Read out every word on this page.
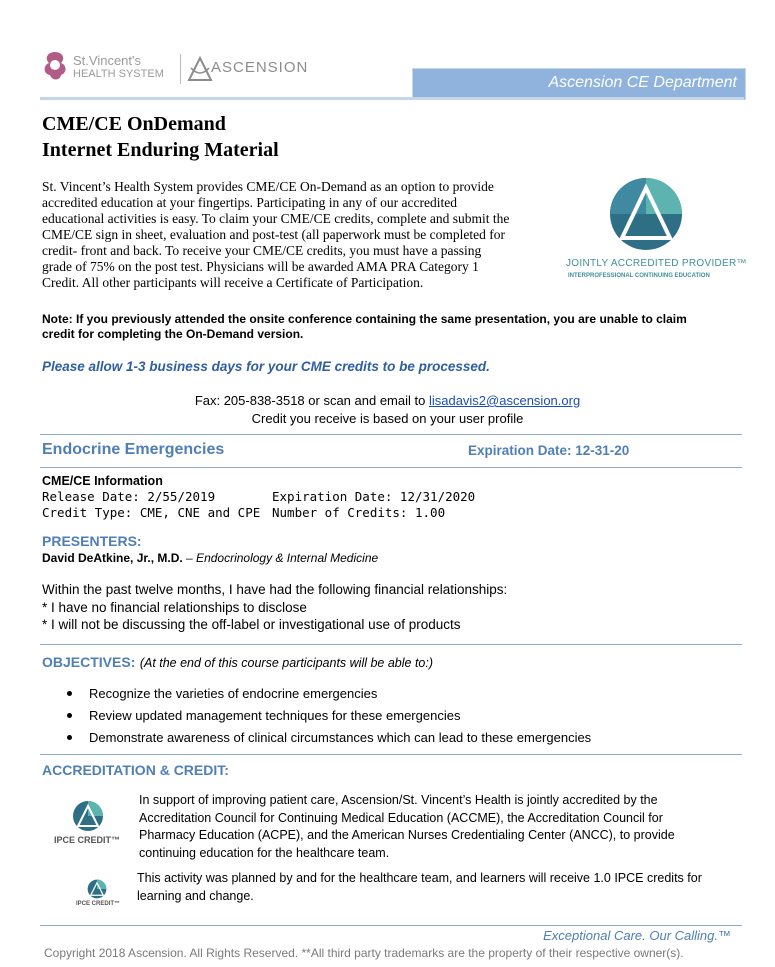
St.Vincent's
HEALTH SYSTEM	ASCENSION
Ascension CE Department
CME/CE OnDemand
Internet Enduring Material
St. Vincent’s Health System provides CME/CE On-Demand as an option to provide
accredited education at your fingertips. Participating in any of our accredited
educational activities is easy. To claim your CME/CE credits, complete and submit the
CME/CE sign in sheet, evaluation and post-test (all paperwork must be completed for
credit- front and back. To receive your CME/CE credits, you must have a passing
grade of 75% on the post test. Physicians will be awarded AMA PRA Category 1
Credit. All other participants will receive a Certificate of Participation.
JOINTLY ACCREDITED PROVIDER™
INTERPROFESSIONAL CONTINUING EDUCATION
Note: If you previously attended the onsite conference containing the same presentation, you are unable to claim
credit for completing the On-Demand version.
Please allow 1-3 business days for your CME credits to be processed.
Fax: 205-838-3518 or scan and email to lisadavis2@ascension.org
Credit you receive is based on your user profile
Endocrine Emergencies	Expiration Date: 12-31-20
CME/CE Information
Release Date: 2/55/2019
Credit Type: CME, CNE and CPE
Expiration Date: 12/31/2020
Number of Credits: 1.00
PRESENTERS:
David DeAtkine, Jr., M.D. – Endocrinology & Internal Medicine
Within the past twelve months, I have had the following financial relationships:
* I have no financial relationships to disclose
* I will not be discussing the off-label or investigational use of products
OBJECTIVES: (At the end of this course participants will be able to:)
Recognize the varieties of endocrine emergencies
Review updated management techniques for these emergencies
Demonstrate awareness of clinical circumstances which can lead to these emergencies
ACCREDITATION & CREDIT:
IPCE CREDIT™
In support of improving patient care, Ascension/St. Vincent’s Health is jointly accredited by the
Accreditation Council for Continuing Medical Education (ACCME), the Accreditation Council for
Pharmacy Education (ACPE), and the American Nurses Credentialing Center (ANCC), to provide
continuing education for the healthcare team.
IPCE CREDIT™
This activity was planned by and for the healthcare team, and learners will receive 1.0 IPCE credits for
learning and change.
Exceptional Care. Our Calling.™
Copyright 2018 Ascension. All Rights Reserved. **All third party trademarks are the property of their respective owner(s).
